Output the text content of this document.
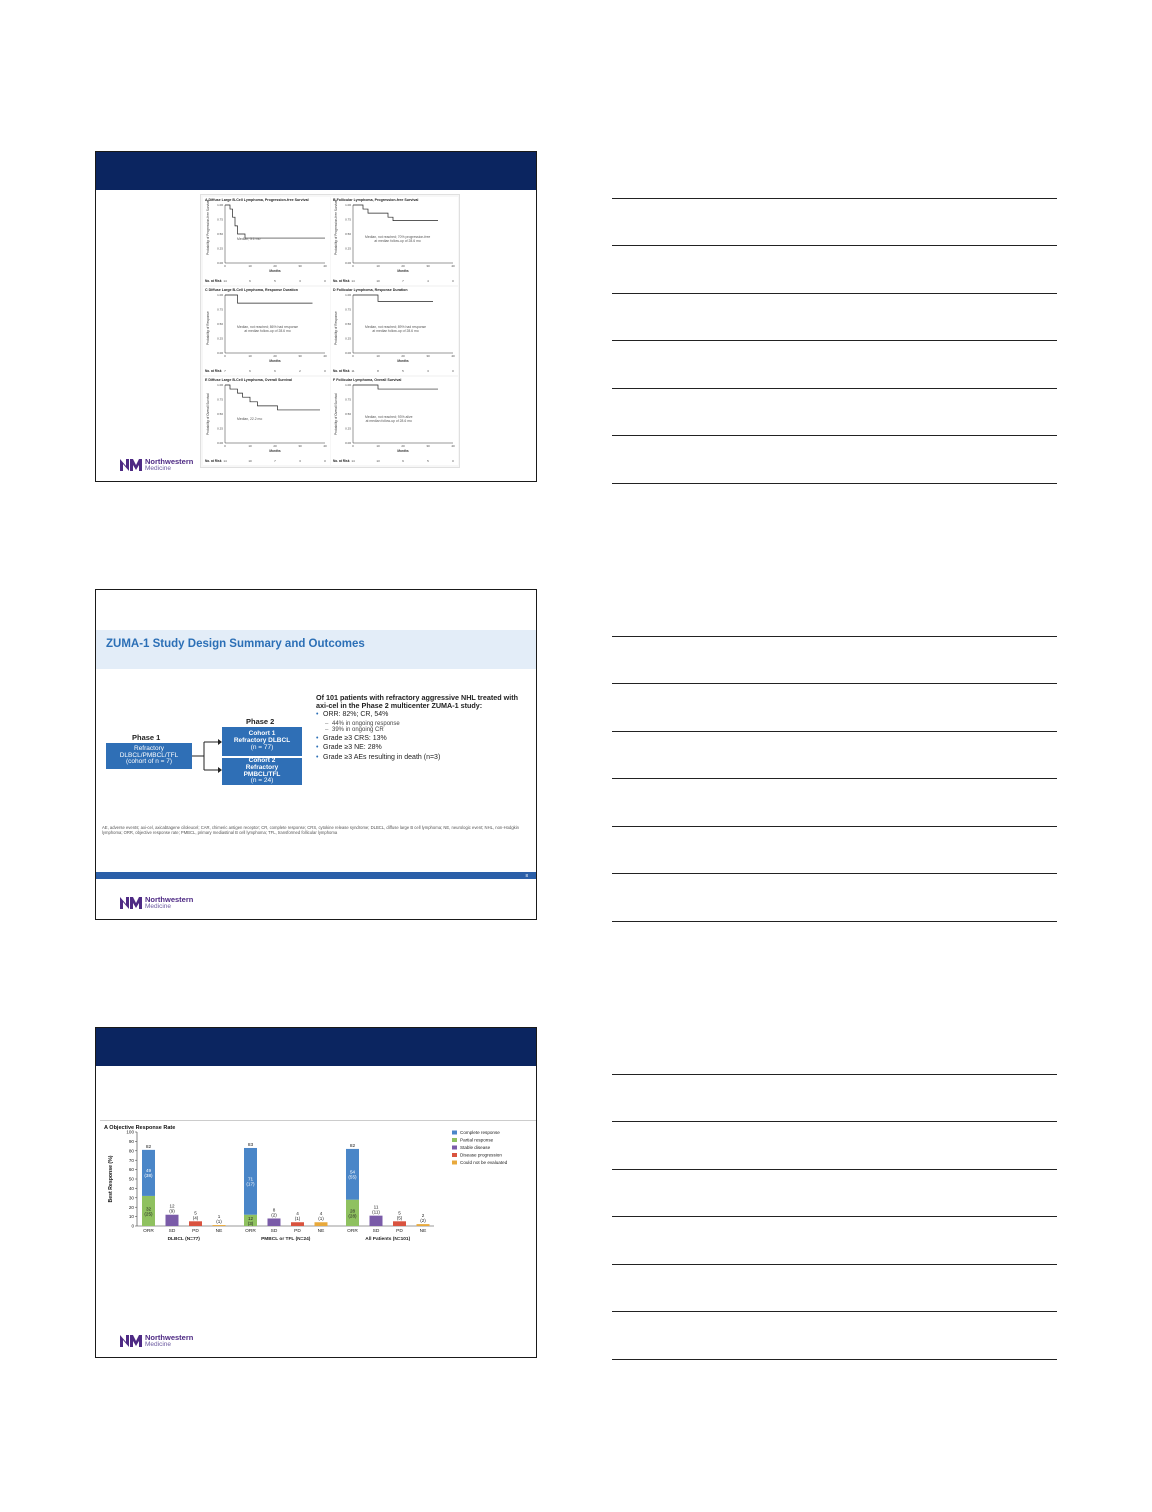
A Diffuse Large B-Cell Lymphoma, Progression-free Survival
Probability of Progression-free Survival 1.00
0.75
0.50
0.25
0.00
0	10	20	30	40
Months
No. at Risk 14	6	5	3	0
Median, 3.1 mo
B Follicular Lymphoma, Progression-free Survival
Probability of Progression-free Survival 1.00
0.75
0.50
0.25
0.00
0	10	20	30	40
Months
No. at Risk 14	10	7	4	0
Median, not reached; 70% progression-free
at median follow-up of 28.6 mo
C Diffuse Large B-Cell Lymphoma, Response Duration
Probability of Response
1.00
0.75
0.50
0.25
0.00
0	10	20	30	40
Months
No. at Risk 7	6	6	2	0
Median, not reached; 86% had response
at median follow-up of 28.6 mo
D Follicular Lymphoma, Response Duration
Probability of Response
1.00
0.75
0.50
0.25
0.00
0	10	20	30	40
Months
No. at Risk 11	8	5	3	0
Median, not reached; 89% had response
at median follow-up of 28.6 mo
E Diffuse Large B-Cell Lymphoma, Overall Survival
Probability of Overall Survival
1.00
0.75
0.50
0.25
0.00
0	10	20	30	40
Months
No. at Risk 14	10	7	3	0
Median, 22.2 mo
F Follicular Lymphoma, Overall Survival
Probability of Overall Survival
1.00
0.75
0.50
0.25
0.00
0	10	20	30	40
Months
No. at Risk 14	13	9	5	0
Median, not reached; 93% alive
at median follow-up of 28.6 mo
Northwestern
Medicine
ZUMA-1 Study Design Summary and Outcomes
Phase 1
Refractory
DLBCL/PMBCL/TFL
(cohort of n = 7)
Phase 2
Cohort 1
Refractory DLBCL
(n = 77)
Cohort 2
Refractory
PMBCL/TFL
(n = 24)
Of 101 patients with refractory aggressive NHL treated with axi-cel in the Phase 2 multicenter ZUMA-1 study:
• ORR: 82%; CR, 54%
– 44% in ongoing response
– 39% in ongoing CR
• Grade ≥3 CRS: 13%
• Grade ≥3 NE: 28%
• Grade ≥3 AEs resulting in death (n=3)
AE, adverse events; axi-cel, axicabtagene ciloleucel; CAR, chimeric antigen receptor; CR, complete response; CRS, cytokine release syndrome; DLBCL, diffuse large B cell lymphoma; NE, neurologic event; NHL, non-Hodgkin lymphoma; ORR, objective response rate; PMBCL, primary mediastinal B cell lymphoma; TFL, transformed follicular lymphoma
8
Northwestern
Medicine
A Objective Response Rate
Best Response (%)
0
10
20
30
40
50
60
70
80
90
100
82
49
(38)
32
(25)
ORR
12
(9)
SD
5
(4)
PD
1
(1)
NE
DLBCL (N=77)
83
71
(17)
12
(3)
ORR
8
(2)
SD
4
(1)
PD
4
(1)
NE
PMBCL or TFL (N=24)
82
54
(55)
28
(28)
ORR
11
(11)
SD
5
(5)
PD
2
(2)
NE
All Patients (N=101)
Complete response
Partial response
Stable disease
Disease progression
Could not be evaluated
Northwestern
Medicine
